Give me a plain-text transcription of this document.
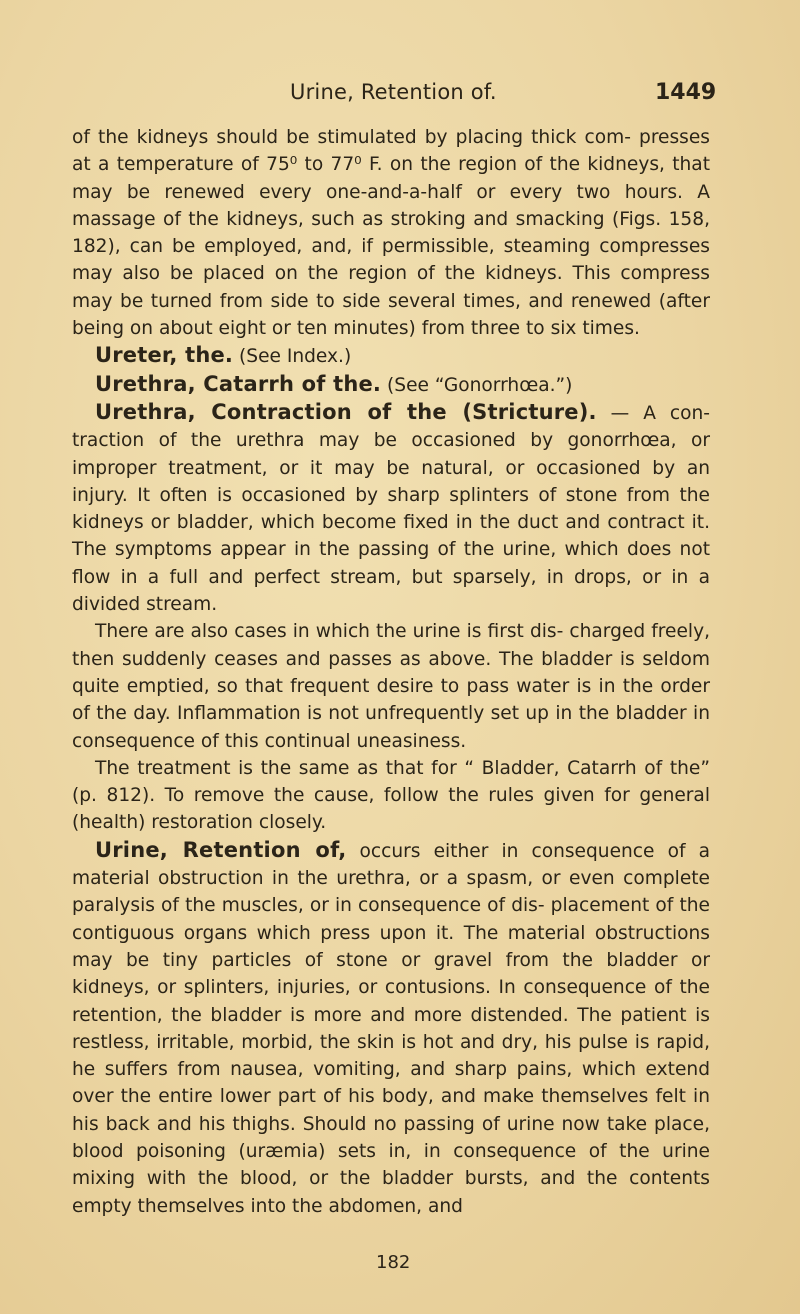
Urine, Retention of.	1449

of the kidneys should be stimulated by placing thick com- presses at a temperature of 75⁰ to 77⁰ F. on the region of the kidneys, that may be renewed every one-and-a-half or every two hours. A massage of the kidneys, such as stroking and smacking (Figs. 158, 182), can be employed, and, if permissible, steaming compresses may also be placed on the region of the kidneys. This compress may be turned from side to side several times, and renewed (after being on about eight or ten minutes) from three to six times.

Ureter, the. (See Index.)

Urethra, Catarrh of the. (See “Gonorrhœa.”)

Urethra, Contraction of the (Stricture). — A con- traction of the urethra may be occasioned by gonorrhœa, or improper treatment, or it may be natural, or occasioned by an injury. It often is occasioned by sharp splinters of stone from the kidneys or bladder, which become fixed in the duct and contract it. The symptoms appear in the passing of the urine, which does not flow in a full and perfect stream, but sparsely, in drops, or in a divided stream.

There are also cases in which the urine is first dis- charged freely, then suddenly ceases and passes as above. The bladder is seldom quite emptied, so that frequent desire to pass water is in the order of the day. Inflammation is not unfrequently set up in the bladder in consequence of this continual uneasiness.

The treatment is the same as that for “ Bladder, Catarrh of the” (p. 812). To remove the cause, follow the rules given for general (health) restoration closely.

Urine, Retention of, occurs either in consequence of a material obstruction in the urethra, or a spasm, or even complete paralysis of the muscles, or in consequence of dis- placement of the contiguous organs which press upon it. The material obstructions may be tiny particles of stone or gravel from the bladder or kidneys, or splinters, injuries, or contusions. In consequence of the retention, the bladder is more and more distended. The patient is restless, irritable, morbid, the skin is hot and dry, his pulse is rapid, he suffers from nausea, vomiting, and sharp pains, which extend over the entire lower part of his body, and make themselves felt in his back and his thighs. Should no passing of urine now take place, blood poisoning (uræmia) sets in, in consequence of the urine mixing with the blood, or the bladder bursts, and the contents empty themselves into the abdomen, and

182
